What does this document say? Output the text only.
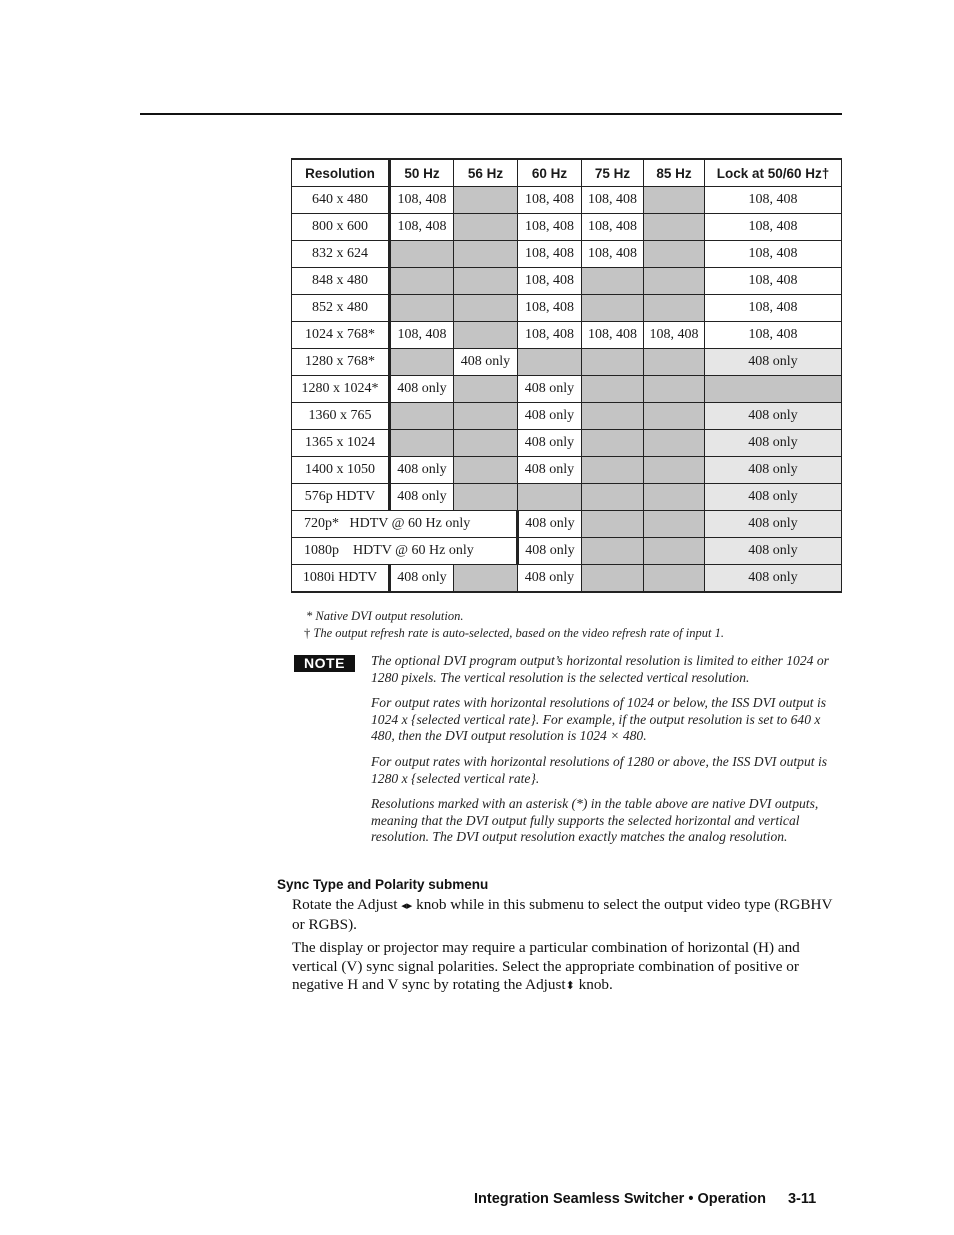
Resolution	50 Hz	56 Hz	60 Hz	75 Hz	85 Hz	Lock at 50/60 Hz†
640 x 480	108, 408		108, 408	108, 408		108, 408
800 x 600	108, 408		108, 408	108, 408		108, 408
832 x 624			108, 408	108, 408		108, 408
848 x 480			108, 408			108, 408
852 x 480			108, 408			108, 408
1024 x 768*	108, 408		108, 408	108, 408	108, 408	108, 408
1280 x 768*		408 only				408 only
1280 x 1024*	408 only		408 only			
1360 x 765			408 only			408 only
1365 x 1024			408 only			408 only
1400 x 1050	408 only		408 only			408 only
576p HDTV	408 only					408 only
720p*   HDTV @ 60 Hz only			408 only			408 only
1080p    HDTV @ 60 Hz only			408 only			408 only
1080i HDTV	408 only		408 only			408 only
* Native DVI output resolution.
† The output refresh rate is auto-selected, based on the video refresh rate of input 1.
NOTE	The optional DVI program output’s horizontal resolution is limited to either 1024 or 1280 pixels. The vertical resolution is the selected vertical resolution.
For output rates with horizontal resolutions of 1024 or below, the ISS DVI output is 1024 x {selected vertical rate}. For example, if the output resolution is set to 640 x 480, then the DVI output resolution is 1024 × 480.
For output rates with horizontal resolutions of 1280 or above, the ISS DVI output is 1280 x {selected vertical rate}.
Resolutions marked with an asterisk (*) in the table above are native DVI outputs, meaning that the DVI output fully supports the selected horizontal and vertical resolution. The DVI output resolution exactly matches the analog resolution.
Sync Type and Polarity submenu
Rotate the Adjust ◂▸ knob while in this submenu to select the output video type (RGBHV or RGBS).
The display or projector may require a particular combination of horizontal (H) and vertical (V) sync signal polarities. Select the appropriate combination of positive or negative H and V sync by rotating the Adjust⬍ knob.
Integration Seamless Switcher • Operation 3-11
